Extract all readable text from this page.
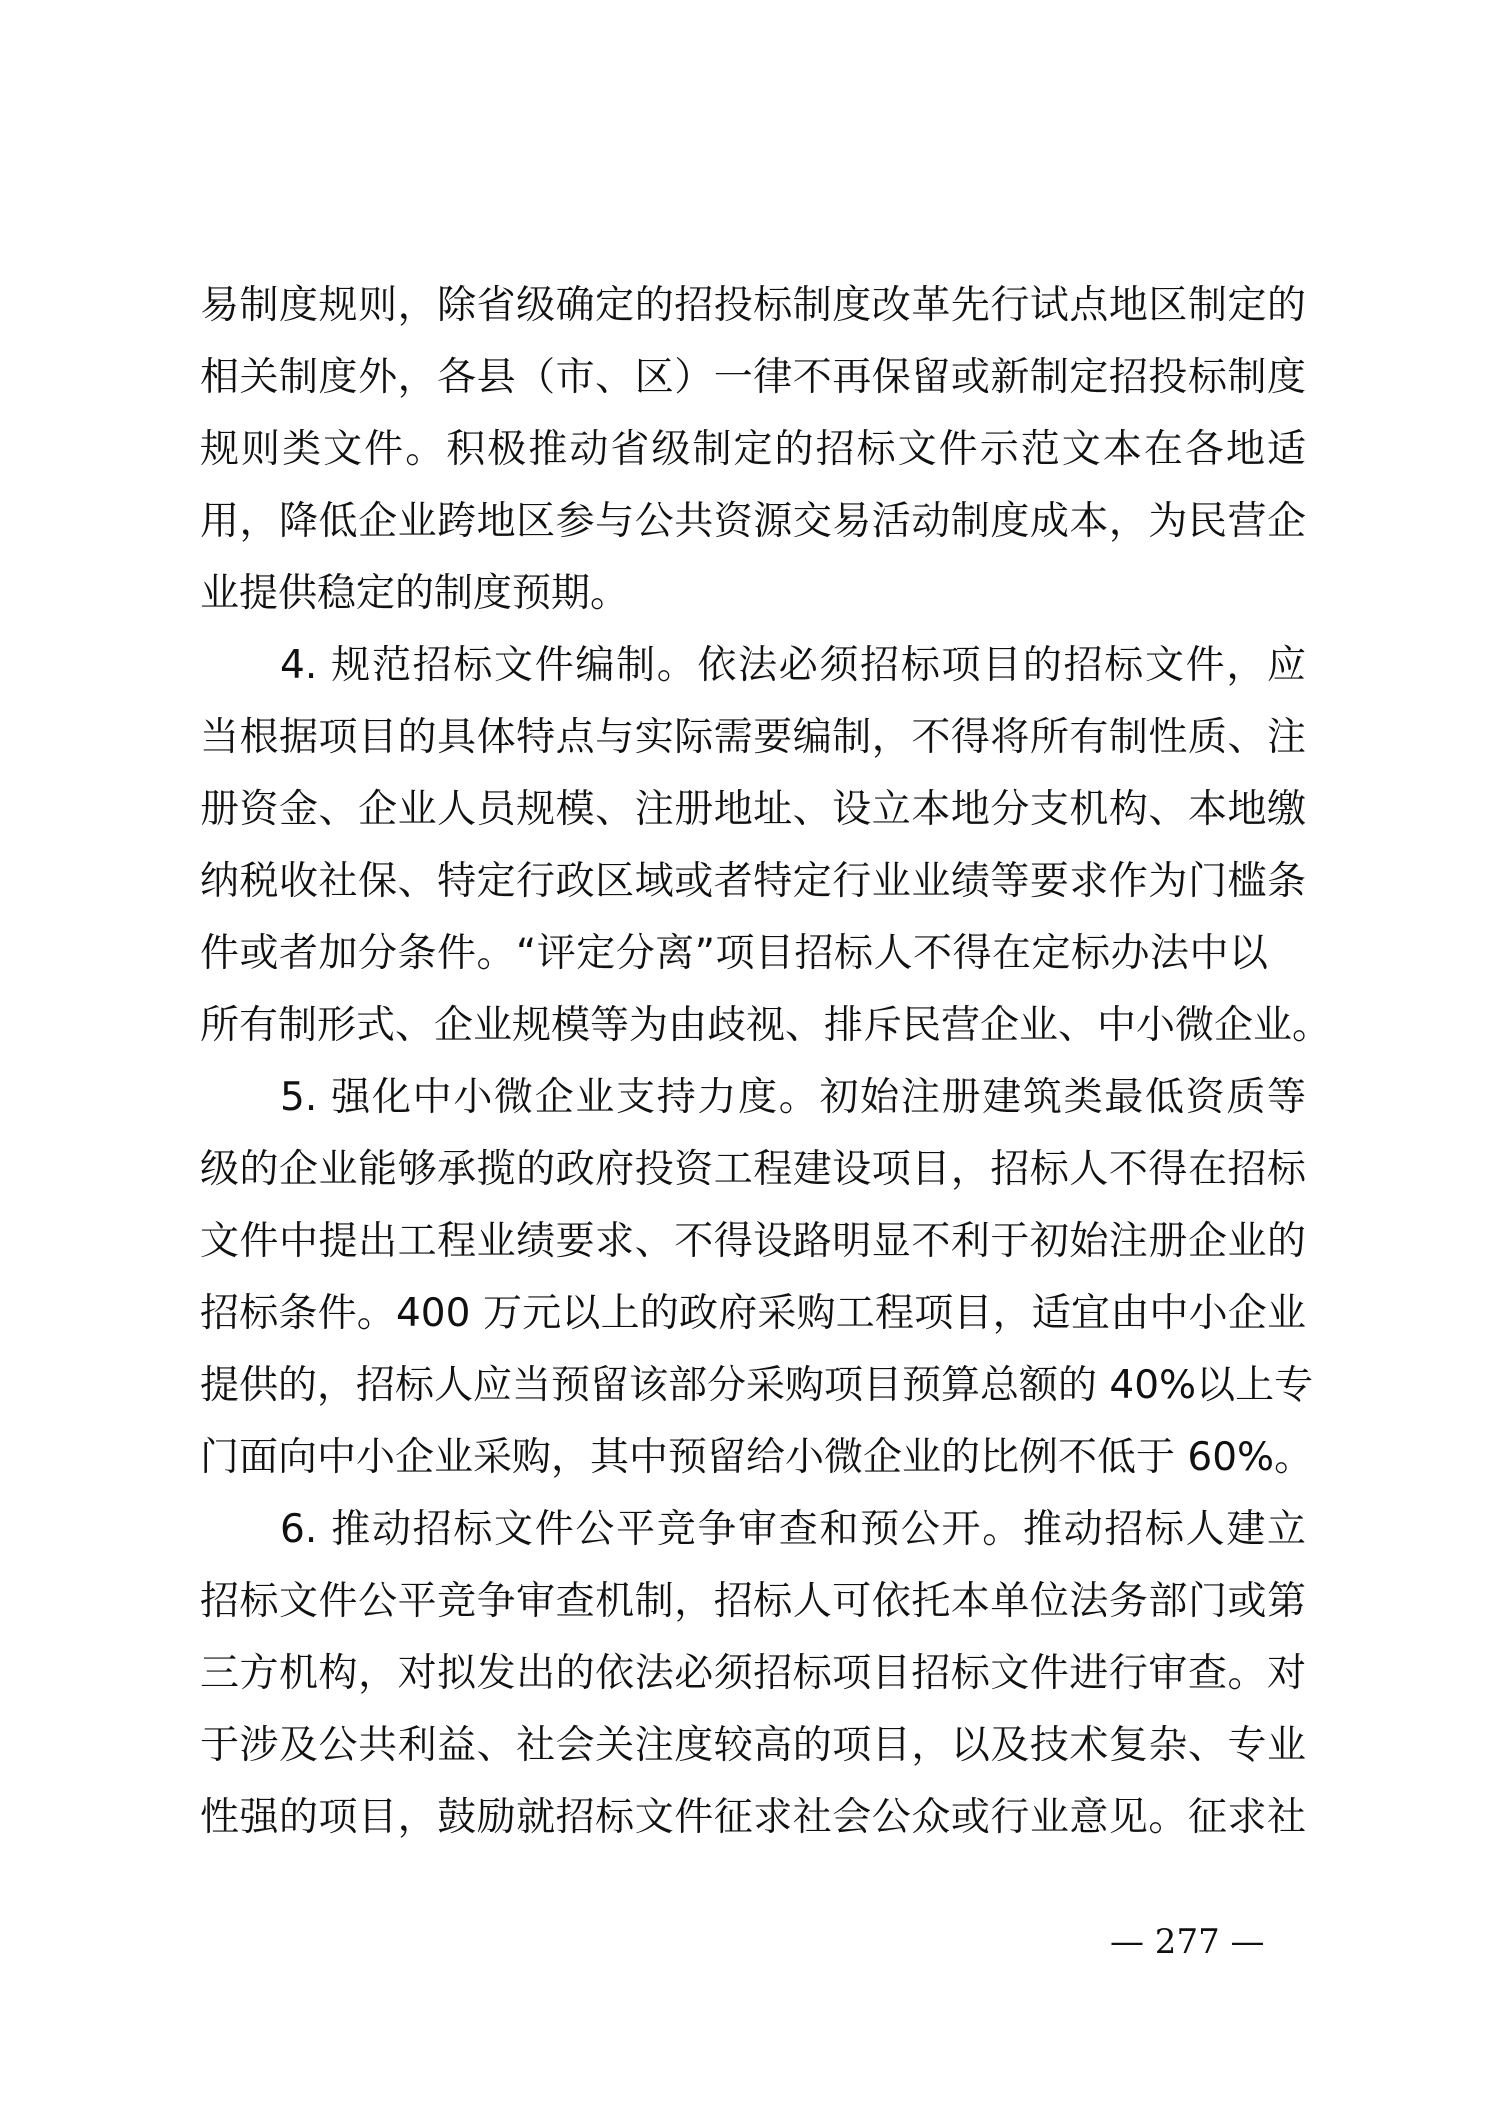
易制度规则，除省级确定的招投标制度改革先行试点地区制定的
相关制度外，各县（市、区）一律不再保留或新制定招投标制度
规则类文件。积极推动省级制定的招标文件示范文本在各地适
用，降低企业跨地区参与公共资源交易活动制度成本，为民营企
业提供稳定的制度预期。
4. 规范招标文件编制。依法必须招标项目的招标文件，应
当根据项目的具体特点与实际需要编制，不得将所有制性质、注
册资金、企业人员规模、注册地址、设立本地分支机构、本地缴
纳税收社保、特定行政区域或者特定行业业绩等要求作为门槛条
件或者加分条件。“评定分离”项目招标人不得在定标办法中以
所有制形式、企业规模等为由歧视、排斥民营企业、中小微企业。
5. 强化中小微企业支持力度。初始注册建筑类最低资质等
级的企业能够承揽的政府投资工程建设项目，招标人不得在招标
文件中提出工程业绩要求、不得设路明显不利于初始注册企业的
招标条件。400 万元以上的政府采购工程项目，适宜由中小企业
提供的，招标人应当预留该部分采购项目预算总额的 40%以上专
门面向中小企业采购，其中预留给小微企业的比例不低于 60%。
6. 推动招标文件公平竞争审查和预公开。推动招标人建立
招标文件公平竞争审查机制，招标人可依托本单位法务部门或第
三方机构，对拟发出的依法必须招标项目招标文件进行审查。对
于涉及公共利益、社会关注度较高的项目，以及技术复杂、专业
性强的项目，鼓励就招标文件征求社会公众或行业意见。征求社
— 277 —
